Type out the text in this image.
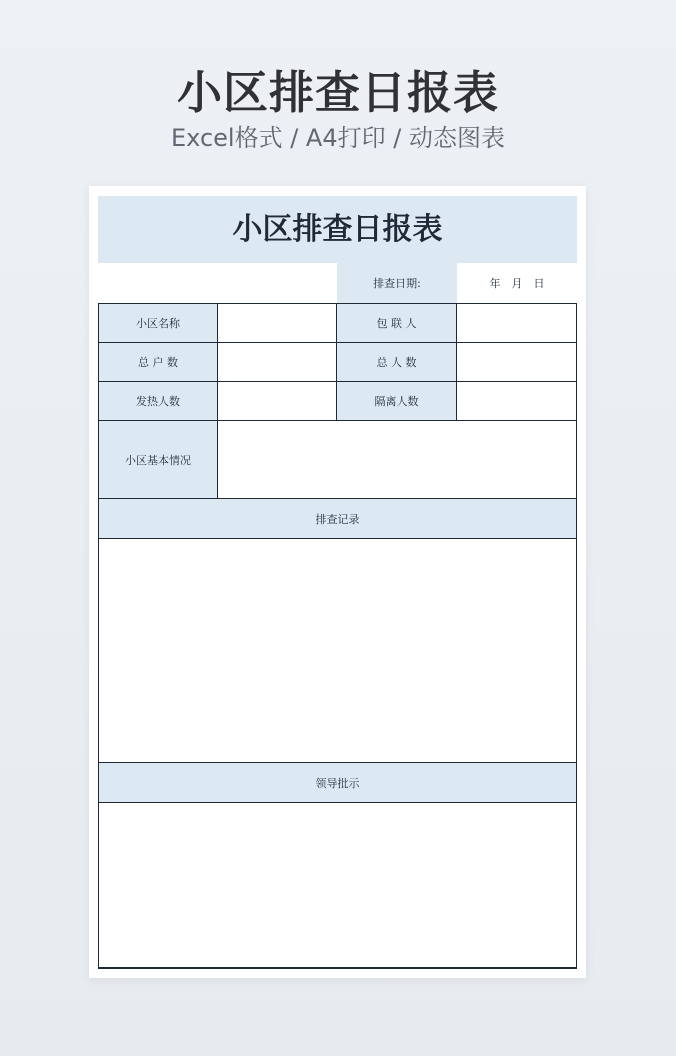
小区排查日报表
Excel格式 / A4打印 / 动态图表
小区排查日报表
排查日期:	年	月	日
小区名称	包 联 人
总 户 数	总 人 数
发热人数	隔离人数
小区基本情况
排查记录
领导批示
